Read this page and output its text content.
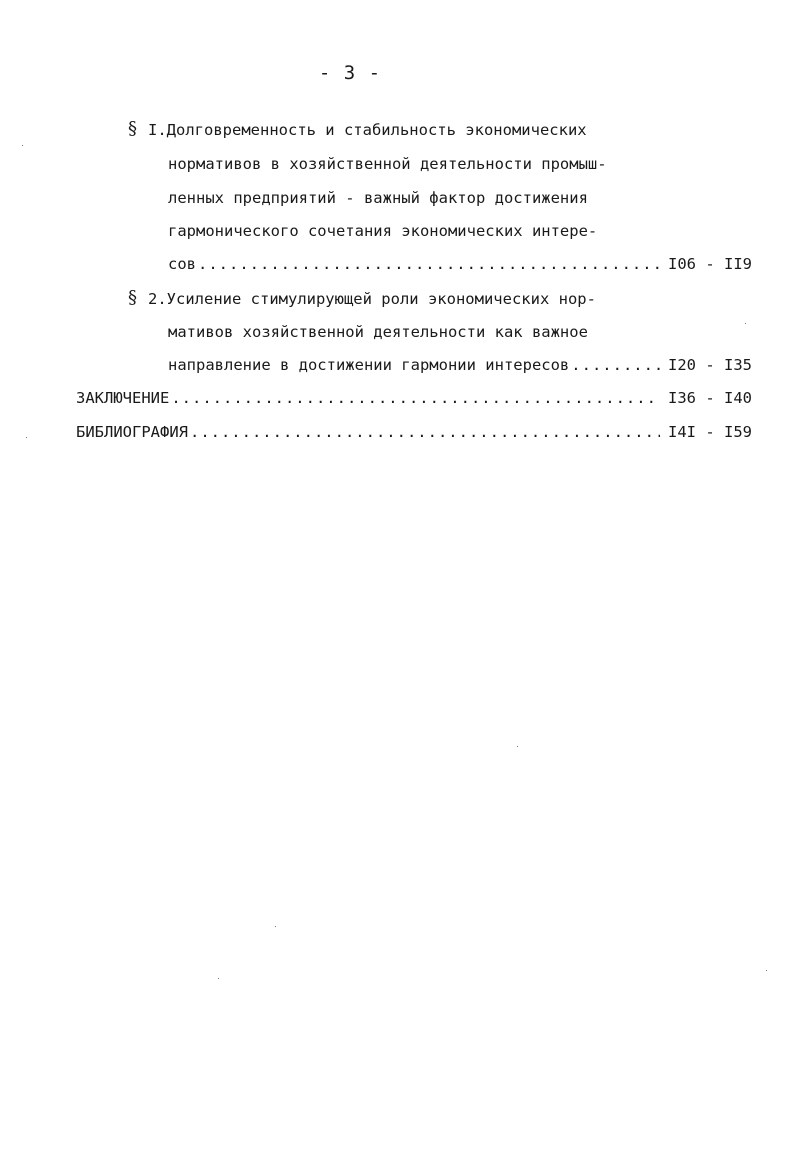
- 3 -
§ I.Долговременность и стабильность экономических
нормативов в хозяйственной деятельности промыш-
ленных предприятий - важный фактор достижения
гармонического сочетания экономических интере-
сов .....	I06 - II9
§ 2.Усиление стимулирующей роли экономических нор-
мативов хозяйственной деятельности как важное
направление в достижении гармонии интересов .....	I20 - I35
ЗАКЛЮЧЕНИЕ .....	I36 - I40
БИБЛИОГРАФИЯ .....	I4I - I59
